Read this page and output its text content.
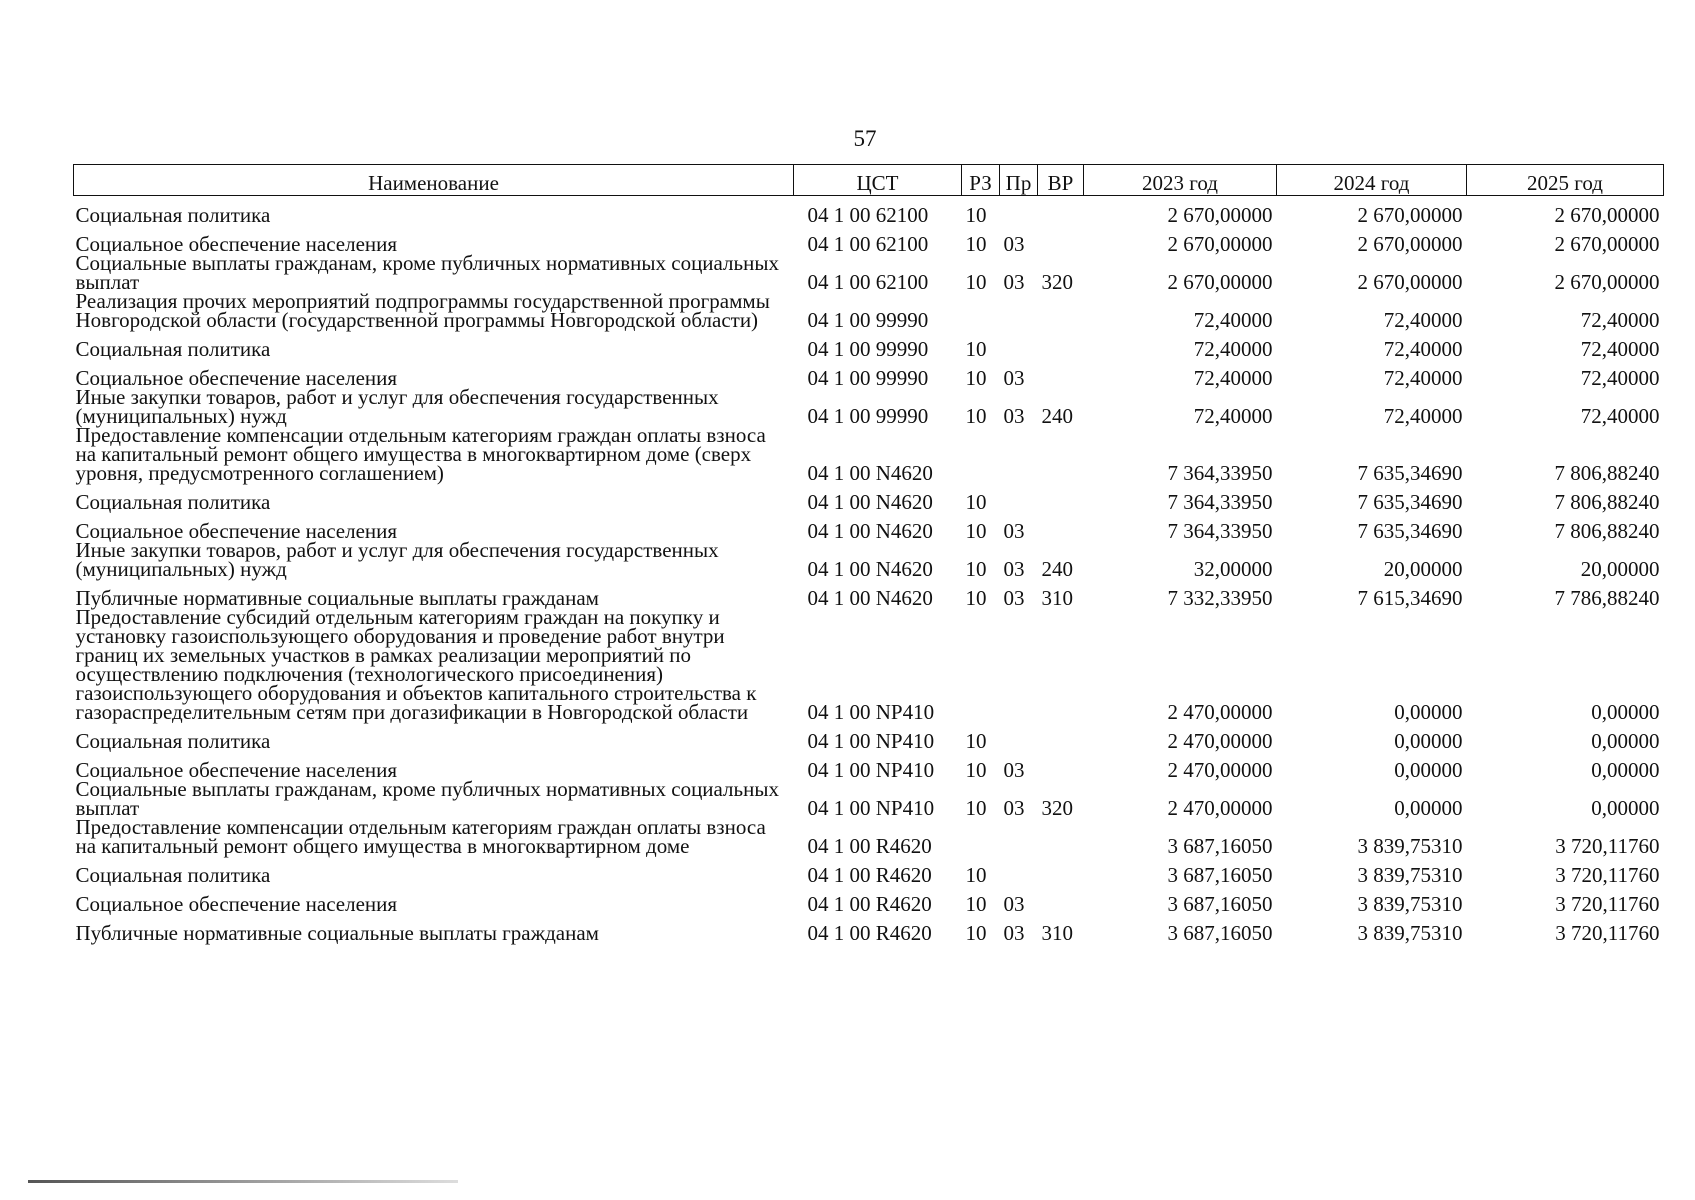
57
Наименование	ЦСТ	РЗ	Пр	ВР	2023 год	2024 год	2025 год
Социальная политика	04 1 00 62100	10			2 670,00000	2 670,00000	2 670,00000
Социальное обеспечение населения	04 1 00 62100	10	03		2 670,00000	2 670,00000	2 670,00000
Социальные выплаты гражданам, кроме публичных нормативных социальных выплат	04 1 00 62100	10	03	320	2 670,00000	2 670,00000	2 670,00000
Реализация прочих мероприятий подпрограммы государственной программы Новгородской области (государственной программы Новгородской области)	04 1 00 99990				72,40000	72,40000	72,40000
Социальная политика	04 1 00 99990	10			72,40000	72,40000	72,40000
Социальное обеспечение населения	04 1 00 99990	10	03		72,40000	72,40000	72,40000
Иные закупки товаров, работ и услуг для обеспечения государственных (муниципальных) нужд	04 1 00 99990	10	03	240	72,40000	72,40000	72,40000
Предоставление компенсации отдельным категориям граждан оплаты взноса на капитальный ремонт общего имущества в многоквартирном доме (сверх уровня, предусмотренного соглашением)	04 1 00 N4620				7 364,33950	7 635,34690	7 806,88240
Социальная политика	04 1 00 N4620	10			7 364,33950	7 635,34690	7 806,88240
Социальное обеспечение населения	04 1 00 N4620	10	03		7 364,33950	7 635,34690	7 806,88240
Иные закупки товаров, работ и услуг для обеспечения государственных (муниципальных) нужд	04 1 00 N4620	10	03	240	32,00000	20,00000	20,00000
Публичные нормативные социальные выплаты гражданам	04 1 00 N4620	10	03	310	7 332,33950	7 615,34690	7 786,88240
Предоставление субсидий отдельным категориям граждан на покупку и установку газоиспользующего оборудования и проведение работ внутри границ их земельных участков в рамках реализации мероприятий по осуществлению подключения (технологического присоединения) газоиспользующего оборудования и объектов капитального строительства к газораспределительным сетям при догазификации в Новгородской области	04 1 00 NP410				2 470,00000	0,00000	0,00000
Социальная политика	04 1 00 NP410	10			2 470,00000	0,00000	0,00000
Социальное обеспечение населения	04 1 00 NP410	10	03		2 470,00000	0,00000	0,00000
Социальные выплаты гражданам, кроме публичных нормативных социальных выплат	04 1 00 NP410	10	03	320	2 470,00000	0,00000	0,00000
Предоставление компенсации отдельным категориям граждан оплаты взноса на капитальный ремонт общего имущества в многоквартирном доме	04 1 00 R4620				3 687,16050	3 839,75310	3 720,11760
Социальная политика	04 1 00 R4620	10			3 687,16050	3 839,75310	3 720,11760
Социальное обеспечение населения	04 1 00 R4620	10	03		3 687,16050	3 839,75310	3 720,11760
Публичные нормативные социальные выплаты гражданам	04 1 00 R4620	10	03	310	3 687,16050	3 839,75310	3 720,11760
